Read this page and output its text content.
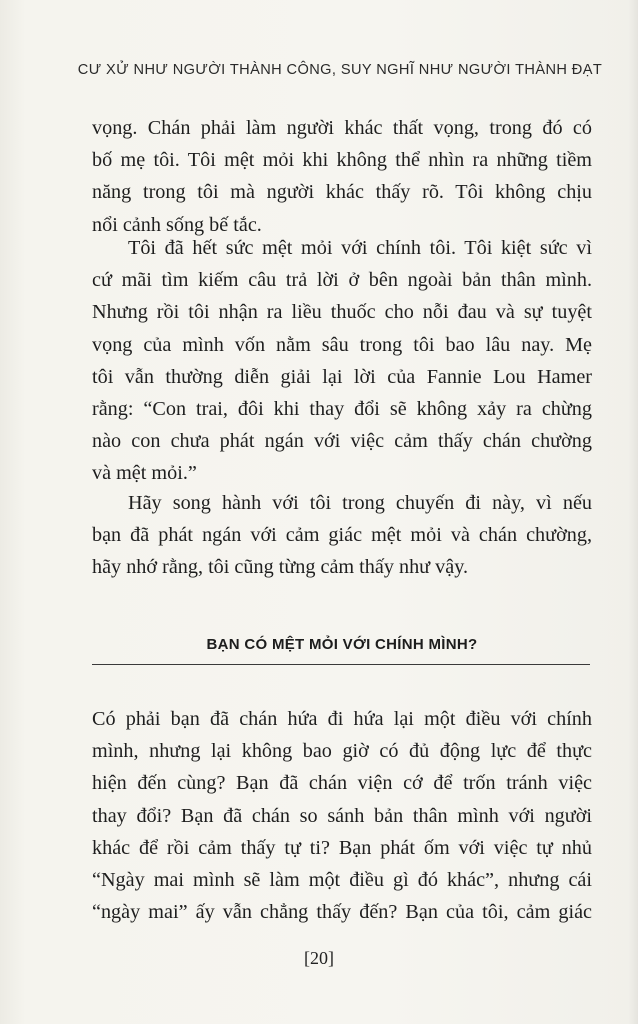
CƯ XỬ NHƯ NGƯỜI THÀNH CÔNG, SUY NGHĨ NHƯ NGƯỜI THÀNH ĐẠT
vọng. Chán phải làm người khác thất vọng, trong đó có
bố mẹ tôi. Tôi mệt mỏi khi không thể nhìn ra những tiềm
năng trong tôi mà người khác thấy rõ. Tôi không chịu
nổi cảnh sống bế tắc.
Tôi đã hết sức mệt mỏi với chính tôi. Tôi kiệt sức vì
cứ mãi tìm kiếm câu trả lời ở bên ngoài bản thân mình.
Nhưng rồi tôi nhận ra liều thuốc cho nỗi đau và sự tuyệt
vọng của mình vốn nằm sâu trong tôi bao lâu nay. Mẹ
tôi vẫn thường diễn giải lại lời của Fannie Lou Hamer
rằng: “Con trai, đôi khi thay đổi sẽ không xảy ra chừng
nào con chưa phát ngán với việc cảm thấy chán chường
và mệt mỏi.”
Hãy song hành với tôi trong chuyến đi này, vì nếu
bạn đã phát ngán với cảm giác mệt mỏi và chán chường,
hãy nhớ rằng, tôi cũng từng cảm thấy như vậy.
BẠN CÓ MỆT MỎI VỚI CHÍNH MÌNH?
Có phải bạn đã chán hứa đi hứa lại một điều với chính
mình, nhưng lại không bao giờ có đủ động lực để thực
hiện đến cùng? Bạn đã chán viện cớ để trốn tránh việc
thay đổi? Bạn đã chán so sánh bản thân mình với người
khác để rồi cảm thấy tự ti? Bạn phát ốm với việc tự nhủ
“Ngày mai mình sẽ làm một điều gì đó khác”, nhưng cái
“ngày mai” ấy vẫn chẳng thấy đến? Bạn của tôi, cảm giác
[20]
